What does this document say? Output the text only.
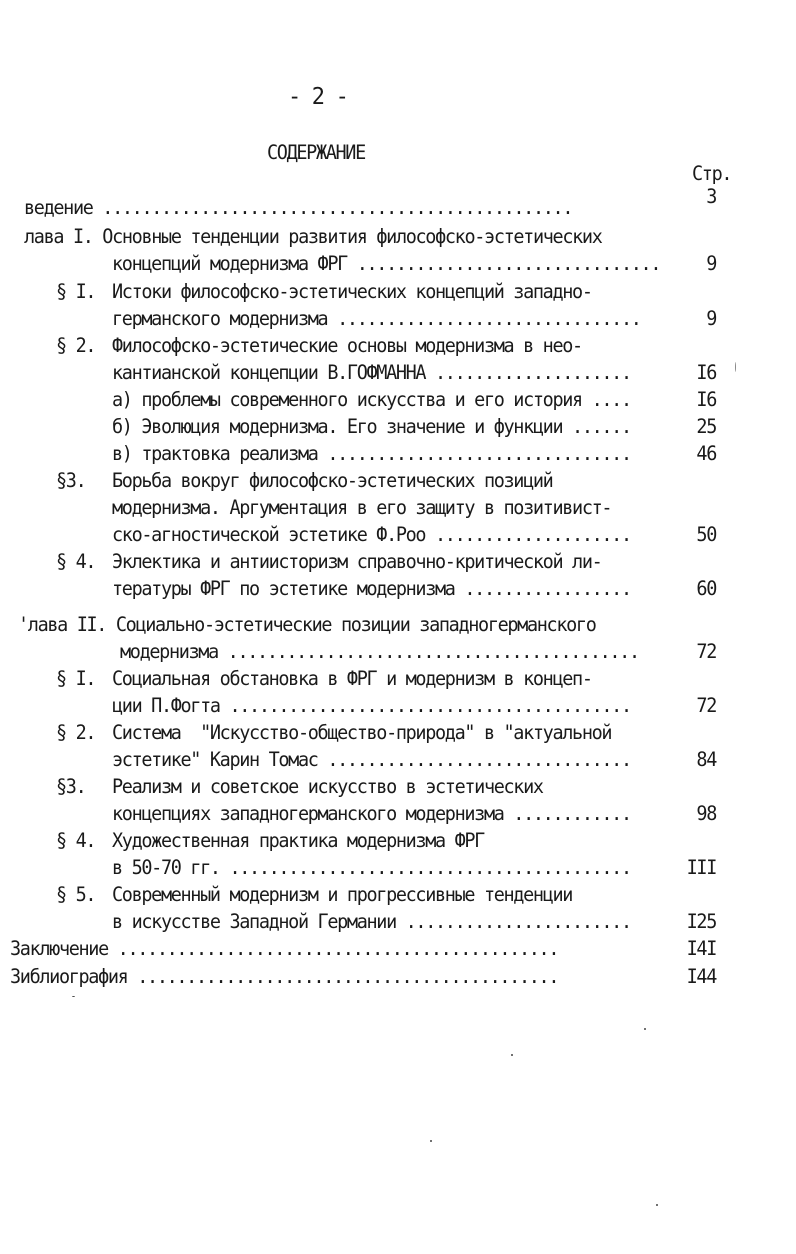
- 2 -
СОДЕРЖАНИЕ
Стр.
ведение ................................................	3
лава I. Основные тенденции развития философско-эстетических
концепций модернизма ФРГ ...............................	9
§ I. Истоки философско-эстетических концепций западно-
германского модернизма ...............................	9
§ 2. Философско-эстетические основы модернизма в нео-
кантианской концепции В.ГОФМАННА ....................	I6
а) проблемы современного искусства и его история ....	I6
б) Эволюция модернизма. Его значение и функции ......	25
в) трактовка реализма ...............................	46
§3. Борьба вокруг философско-эстетических позиций
модернизма. Аргументация в его защиту в позитивист-
ско-агностической эстетике Ф.Роо ....................	50
§ 4. Эклектика и антиисторизм справочно-критической ли-
тературы ФРГ по эстетике модернизма .................	60
'лава II. Социально-эстетические позиции западногерманского
модернизма ..........................................	72
§ I. Социальная обстановка в ФРГ и модернизм в концеп-
ции П.Фогта .........................................	72
§ 2. Система  "Искусство-общество-природа" в "актуальной
эстетике" Карин Томас ...............................	84
§3. Реализм и советское искусство в эстетических
концепциях западногерманского модернизма ............	98
§ 4. Художественная практика модернизма ФРГ
в 50-70 гг. .........................................	III
§ 5. Современный модернизм и прогрессивные тенденции
в искусстве Западной Германии .......................	I25
Заключение .............................................	I4I
Зиблиография ...........................................	I44
